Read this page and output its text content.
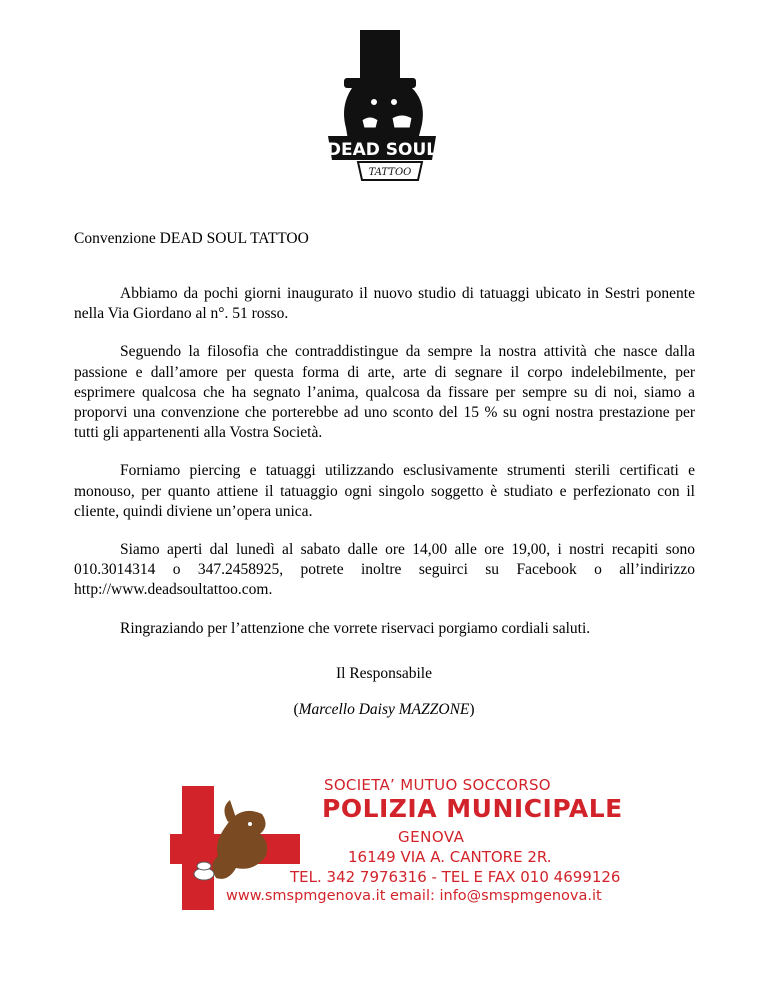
DEAD SOUL
TATTOO
Convenzione DEAD SOUL TATTOO

Abbiamo da pochi giorni inaugurato il nuovo studio di tatuaggi ubicato in Sestri ponente nella Via Giordano al n°. 51 rosso.

Seguendo la filosofia che contraddistingue da sempre la nostra attività che nasce dalla passione e dall’amore per questa forma di arte, arte di segnare il corpo indelebilmente, per esprimere qualcosa che ha segnato l’anima, qualcosa da fissare per sempre su di noi, siamo a proporvi una convenzione che porterebbe ad uno sconto del 15 % su ogni nostra prestazione per tutti gli appartenenti alla Vostra Società.

Forniamo piercing e tatuaggi utilizzando esclusivamente strumenti sterili certificati e monouso, per quanto attiene il tatuaggio ogni singolo soggetto è studiato e perfezionato con il cliente, quindi diviene un’opera unica.

Siamo aperti dal lunedì al sabato dalle ore 14,00 alle ore 19,00, i nostri recapiti sono 010.3014314 o 347.2458925, potrete inoltre seguirci su Facebook o all’indirizzo http://www.deadsoultattoo.com.

Ringraziando per l’attenzione che vorrete riservaci porgiamo cordiali saluti.

Il Responsabile
(Marcello Daisy MAZZONE)
SOCIETA’ MUTUO SOCCORSO
POLIZIA MUNICIPALE
GENOVA
16149 VIA A. CANTORE 2R.
TEL. 342 7976316 - TEL E FAX 010 4699126
www.smspmgenova.it email: info@smspmgenova.it
